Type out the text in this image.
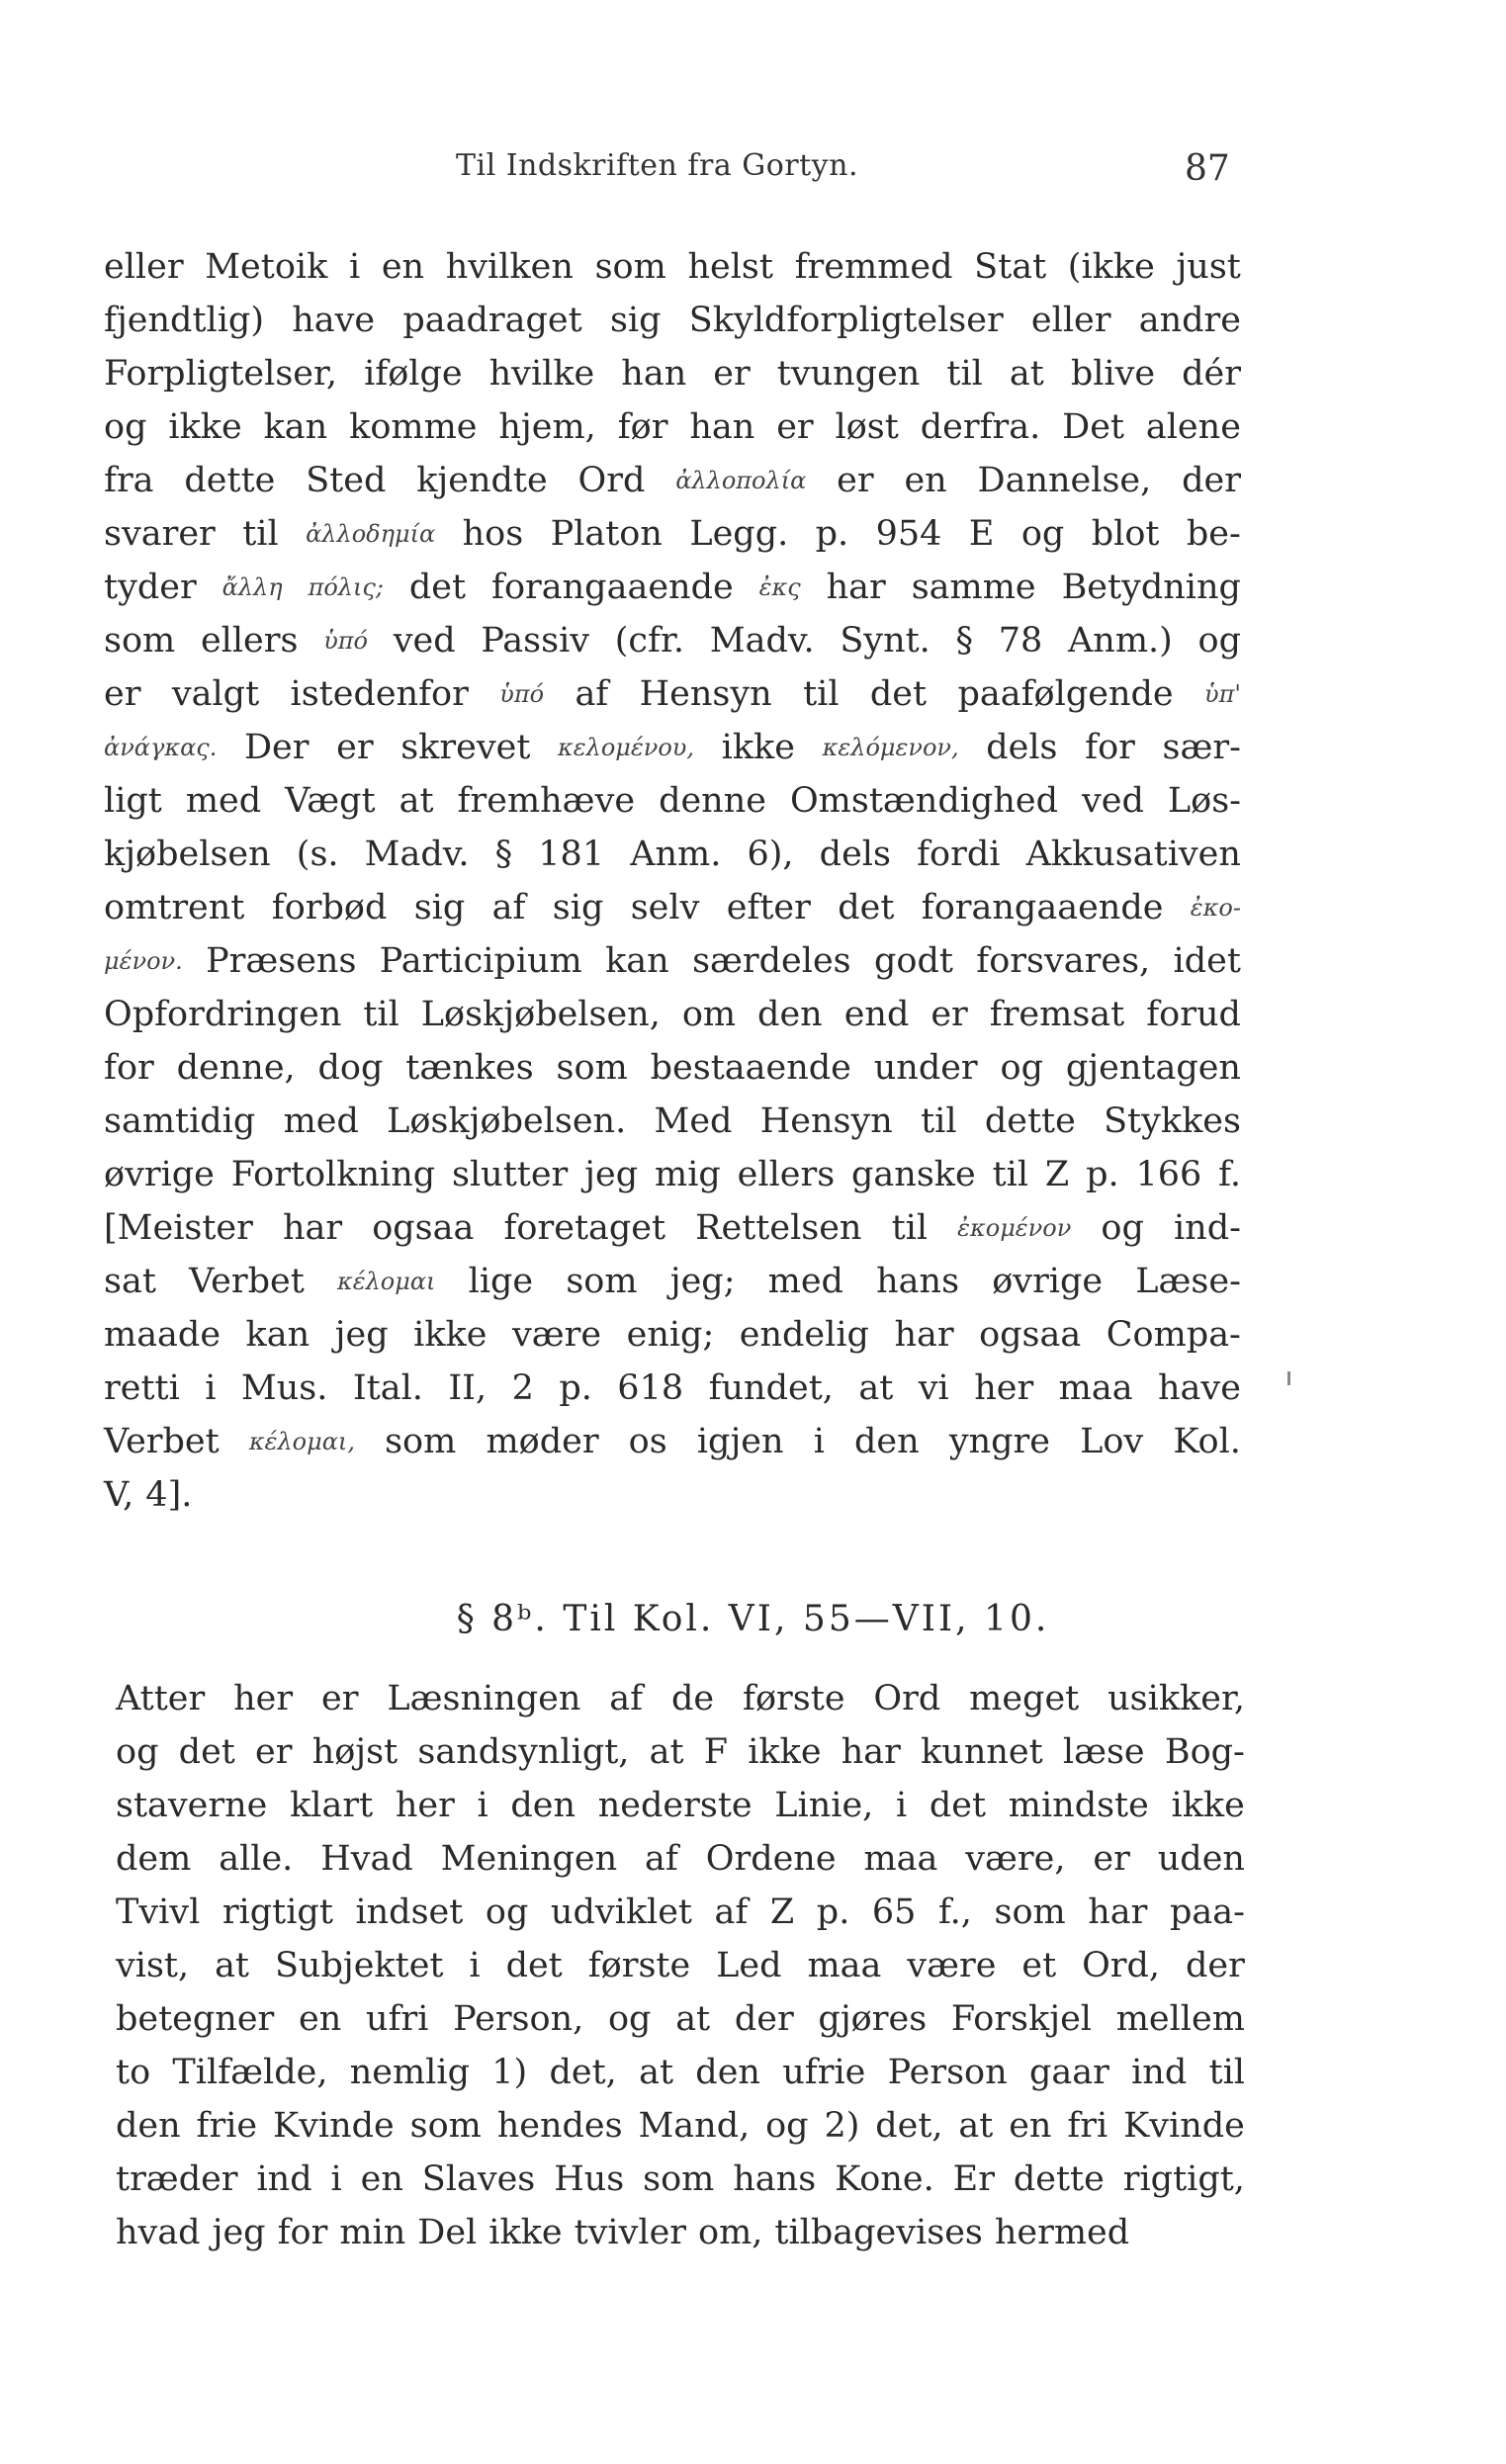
Til Indskriften fra Gortyn.	87
eller Metoik i en hvilken som helst fremmed Stat (ikke just
fjendtlig) have paadraget sig Skyldforpligtelser eller andre
Forpligtelser, ifølge hvilke han er tvungen til at blive dér
og ikke kan komme hjem, før han er løst derfra. Det alene
fra dette Sted kjendte Ord ἀλλοπολία er en Dannelse, der
svarer til ἀλλοδημία hos Platon Legg. p. 954 E og blot be-
tyder ἄλλη πόλις; det forangaaende ἐκς har samme Betydning
som ellers ὑπό ved Passiv (cfr. Madv. Synt. § 78 Anm.) og
er valgt istedenfor ὑπό af Hensyn til det paafølgende ὑπ'
ἀνάγκας. Der er skrevet κελομένου, ikke κελόμενον, dels for sær-
ligt med Vægt at fremhæve denne Omstændighed ved Løs-
kjøbelsen (s. Madv. § 181 Anm. 6), dels fordi Akkusativen
omtrent forbød sig af sig selv efter det forangaaende ἐκο-
μένον. Præsens Participium kan særdeles godt forsvares, idet
Opfordringen til Løskjøbelsen, om den end er fremsat forud
for denne, dog tænkes som bestaaende under og gjentagen
samtidig med Løskjøbelsen. Med Hensyn til dette Stykkes
øvrige Fortolkning slutter jeg mig ellers ganske til Z p. 166 f.
[Meister har ogsaa foretaget Rettelsen til ἐκομένον og ind-
sat Verbet κέλομαι lige som jeg; med hans øvrige Læse-
maade kan jeg ikke være enig; endelig har ogsaa Compa-
retti i Mus. Ital. II, 2 p. 618 fundet, at vi her maa have
Verbet κέλομαι, som møder os igjen i den yngre Lov Kol.
V, 4].
§ 8ᵇ. Til Kol. VI, 55—VII, 10.
Atter her er Læsningen af de første Ord meget usikker,
og det er højst sandsynligt, at F ikke har kunnet læse Bog-
staverne klart her i den nederste Linie, i det mindste ikke
dem alle. Hvad Meningen af Ordene maa være, er uden
Tvivl rigtigt indset og udviklet af Z p. 65 f., som har paa-
vist, at Subjektet i det første Led maa være et Ord, der
betegner en ufri Person, og at der gjøres Forskjel mellem
to Tilfælde, nemlig 1) det, at den ufrie Person gaar ind til
den frie Kvinde som hendes Mand, og 2) det, at en fri Kvinde
træder ind i en Slaves Hus som hans Kone. Er dette rigtigt,
hvad jeg for min Del ikke tvivler om, tilbagevises hermed
